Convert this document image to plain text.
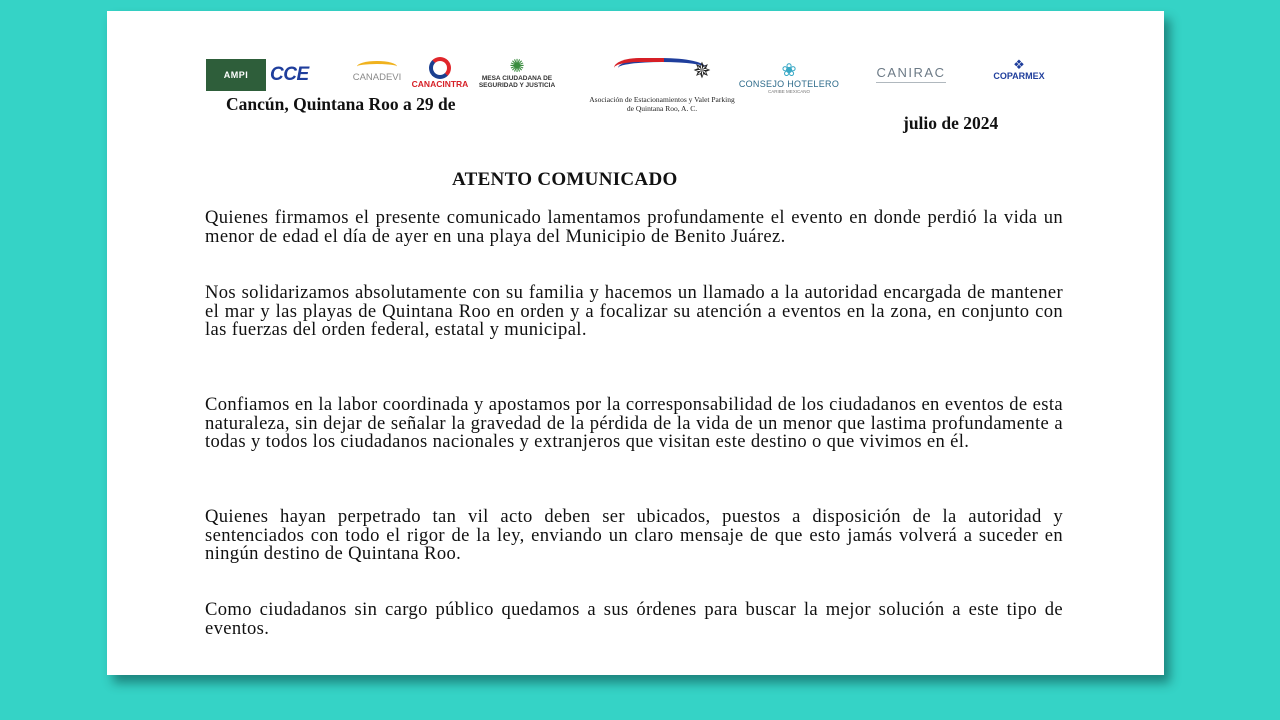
AMPI CCE	CANADEVI
CANACINTRA
✺
MESA CIUDADANA DE SEGURIDAD Y JUSTICIA
Asociación de Estacionamientos y Valet Parking de Quintana Roo, A. C.
✵	❀
CONSEJO HOTELERO
CARIBE MEXICANO
CANIRAC
❖
COPARMEX
Cancún, Quintana Roo a 29 de
julio de 2024
ATENTO COMUNICADO
Quienes firmamos el presente comunicado lamentamos profundamente el evento en donde perdió la vida un menor de edad el día de ayer en una playa del Municipio de Benito Juárez.
Nos solidarizamos absolutamente con su familia y hacemos un llamado a la autoridad encargada de mantener el mar y las playas de Quintana Roo en orden y a focalizar su atención a eventos en la zona, en conjunto con las fuerzas del orden federal, estatal y municipal.
Confiamos en la labor coordinada y apostamos por la corresponsabilidad de los ciudadanos en eventos de esta naturaleza, sin dejar de señalar la gravedad de la pérdida de la vida de un menor que lastima profundamente a todas y todos los ciudadanos nacionales y extranjeros que visitan este destino o que vivimos en él.
Quienes hayan perpetrado tan vil acto deben ser ubicados, puestos a disposición de la autoridad y sentenciados con todo el rigor de la ley, enviando un claro mensaje de que esto jamás volverá a suceder en ningún destino de Quintana Roo.
Como ciudadanos sin cargo público quedamos a sus órdenes para buscar la mejor solución a este tipo de eventos.
